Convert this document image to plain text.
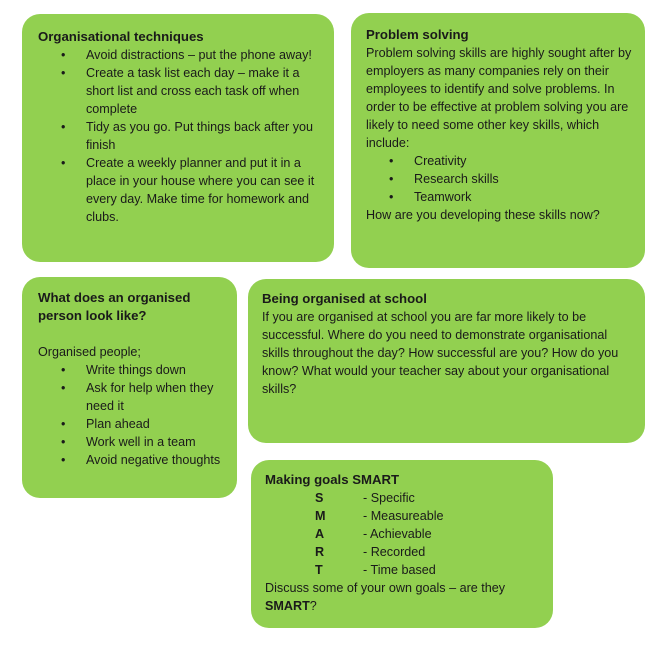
Organisational techniques
• Avoid distractions – put the phone away!
• Create a task list each day – make it a short list and cross each task off when complete
• Tidy as you go. Put things back after you finish
• Create a weekly planner and put it in a place in your house where you can see it every day. Make time for homework and clubs.
Problem solving

Problem solving skills are highly sought after by employers as many companies rely on their employees to identify and solve problems. In order to be effective at problem solving you are likely to need some other key skills, which include:

• Creativity
• Research skills
• Teamwork

How are you developing these skills now?

What does an organised person look like?

Organised people;

• Write things down
• Ask for help when they need it
• Plan ahead
• Work well in a team
• Avoid negative thoughts
Being organised at school

If you are organised at school you are far more likely to be successful. Where do you need to demonstrate organisational skills throughout the day? How successful are you? How do you know? What would your teacher say about your organisational skills?

Making goals SMART
S	- Specific
M	- Measureable
A	- Achievable
R	- Recorded
T	- Time based

Discuss some of your own goals – are they
SMART?
